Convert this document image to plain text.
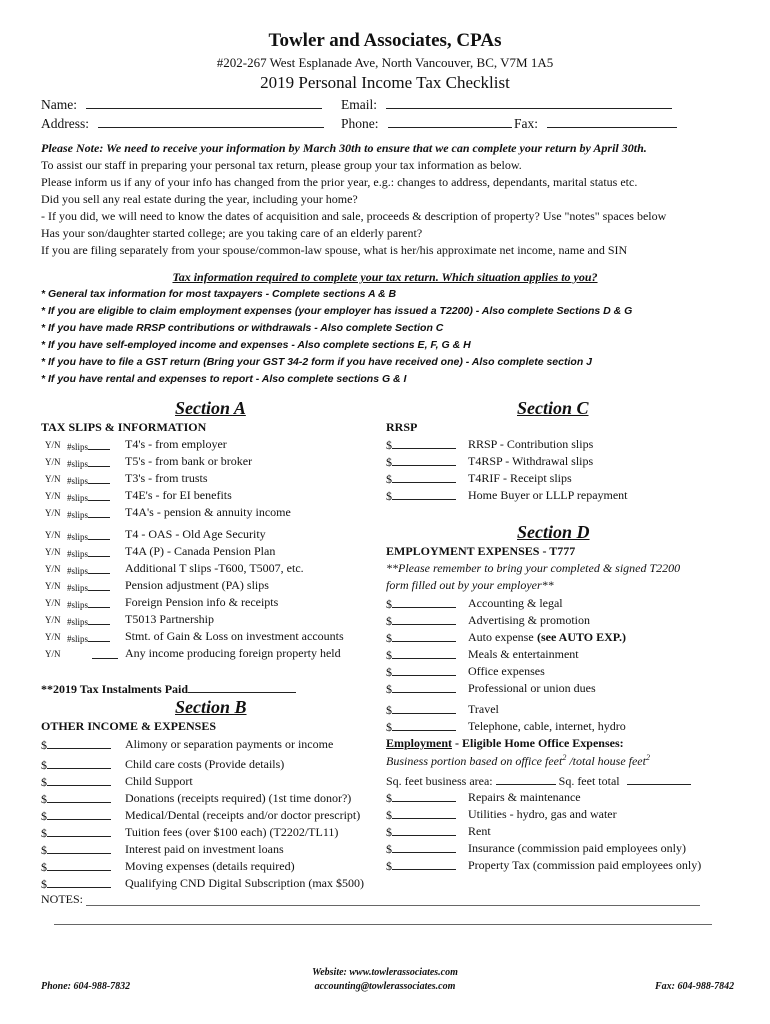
Towler and Associates, CPAs
#202-267 West Esplanade Ave, North Vancouver, BC, V7M 1A5
2019 Personal Income Tax Checklist
Name:	Email:
Address:	Phone:	Fax:
Please Note: We need to receive your information by March 30th to ensure that we can complete your return by April 30th.
To assist our staff in preparing your personal tax return, please group your tax information as below.
Please inform us if any of your info has changed from the prior year, e.g.: changes to address, dependants, marital status etc.
Did you sell any real estate during the year, including your home?
- If you did, we will need to know the dates of acquisition and sale, proceeds & description of property? Use "notes" spaces below
Has your son/daughter started college; are you taking care of an elderly parent?
If you are filing separately from your spouse/common-law spouse, what is her/his approximate net income, name and SIN
Tax information required to complete your tax return. Which situation applies to you?
* General tax information for most taxpayers - Complete sections A & B
* If you are eligible to claim employment expenses (your employer has issued a T2200) - Also complete Sections D & G
* If you have made RRSP contributions or withdrawals - Also complete Section C
* If you have self-employed income and expenses - Also complete sections E, F, G & H
* If you have to file a GST return (Bring your GST 34-2 form if you have received one) - Also complete section J
* If you have rental and expenses to report - Also complete sections G & I
Section A
TAX SLIPS & INFORMATION
Y/N #slips	T4's - from employer
Y/N #slips	T5's - from bank or broker
Y/N #slips	T3's - from trusts
Y/N #slips	T4E's - for EI benefits
Y/N #slips	T4A's - pension & annuity income
Y/N #slips	T4 - OAS - Old Age Security
Y/N #slips	T4A (P) - Canada Pension Plan
Y/N #slips	Additional T slips -T600, T5007, etc.
Y/N #slips	Pension adjustment (PA) slips
Y/N #slips	Foreign Pension info & receipts
Y/N #slips	T5013 Partnership
Y/N #slips	Stmt. of Gain & Loss on investment accounts
Y/N	Any income producing foreign property held
**2019 Tax Instalments Paid
Section B
OTHER INCOME & EXPENSES
$	Alimony or separation payments or income
$	Child care costs (Provide details)
$	Child Support
$	Donations (receipts required) (1st time donor?)
$	Medical/Dental (receipts and/or doctor prescript)
$	Tuition fees (over $100 each) (T2202/TL11)
$	Interest paid on investment loans
$	Moving expenses (details required)
$	Qualifying CND Digital Subscription (max $500)
Section C
RRSP
$	RRSP - Contribution slips
$	T4RSP - Withdrawal slips
$	T4RIF - Receipt slips
$	Home Buyer or LLLP repayment
Section D
EMPLOYMENT EXPENSES - T777
**Please remember to bring your completed & signed T2200
form filled out by your employer**
$	Accounting & legal
$	Advertising & promotion
$	Auto expense (see AUTO EXP.)
$	Meals & entertainment
$	Office expenses
$	Professional or union dues
$	Travel
$	Telephone, cable, internet, hydro
Employment - Eligible Home Office Expenses:
Business portion based on office feet$^2$ /total house feet$^2$
Sq. feet business area:	Sq. feet total
$	Repairs & maintenance
$	Utilities - hydro, gas and water
$	Rent
$	Insurance (commission paid employees only)
$	Property Tax (commission paid employees only)
NOTES:
Phone: 604-988-7832
Website: www.towlerassociates.com
accounting@towlerassociates.com	Fax: 604-988-7842
